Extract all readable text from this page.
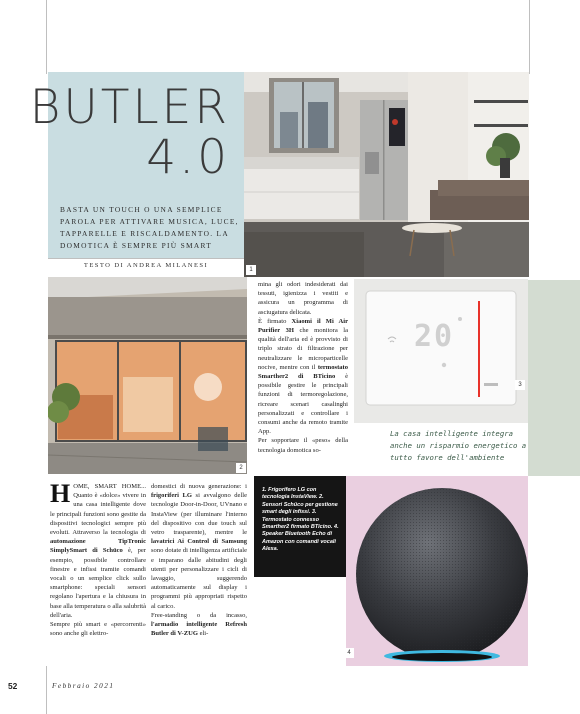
BUTLER
4.0
BASTA UN TOUCH O UNA SEMPLICE PAROLA PER ATTIVARE MUSICA, LUCE, TAPPARELLE E RISCALDAMENTO. LA DOMOTICA È SEMPRE PIÙ SMART
TESTO DI ANDREA MILANESI
1
2

mina gli odori indesiderati dai tessuti, igienizza i vestiti e assicura un programma di asciugatura delicata.

È firmato Xiaomi il Mi Air Purifier 3H che monitora la qualità dell'aria ed è provvisto di triplo strato di filtrazione per neutralizzare le microparticelle nocive, mentre con il termostato Smarther2 di BTicino è possibile gestire le principali funzioni di termoregolazione, ricreare scenari casalinghi personalizzati e controllare i consumi anche da remoto tramite App.

Per sopportare il «peso» della tecnologia domotica so-

20
3
La casa intelligente integra anche un risparmio energetico a tutto favore dell'ambiente
H OME, SMART HOME... Quanto è «dolce» vivere in una casa intelligente dove le principali funzioni sono gestite da dispositivi tecnologici sempre più evoluti. Attraverso la tecnologia di automazione TipTronic SimplySmart di Schüco è, per esempio, possibile controllare finestre e infissi tramite comandi vocali o un semplice click sullo smartphone: speciali sensori regolano l'apertura e la chiusura in base alla temperatura o alla salubrità dell'aria.

Sempre più smart e «percorrenti» sono anche gli elettro-

domestici di nuova generazione: i frigoriferi LG si avvalgono delle tecnologie Door-in-Door, UVnano e InstaView (per illuminare l'interno del dispositivo con due touch sul vetro trasparente), mentre le lavatrici Ai Control di Samsung sono dotate di intelligenza artificiale e imparano dalle abitudini degli utenti per personalizzare i cicli di lavaggio, suggerendo automaticamente sul display i programmi più appropriati rispetto al carico.

Free-standing o da incasso, l'armadio intelligente Refresh Butler di V-ZUG eli-

1. Frigorifero LG con tecnologia InstaView. 2. Sensori Schüco per gestione smart degli infissi. 3. Termostato connesso Smarther2 firmato BTicino. 4. Speaker Bluetooth Echo di Amazon con comandi vocali Alexa.
4
52	Febbraio 2021
